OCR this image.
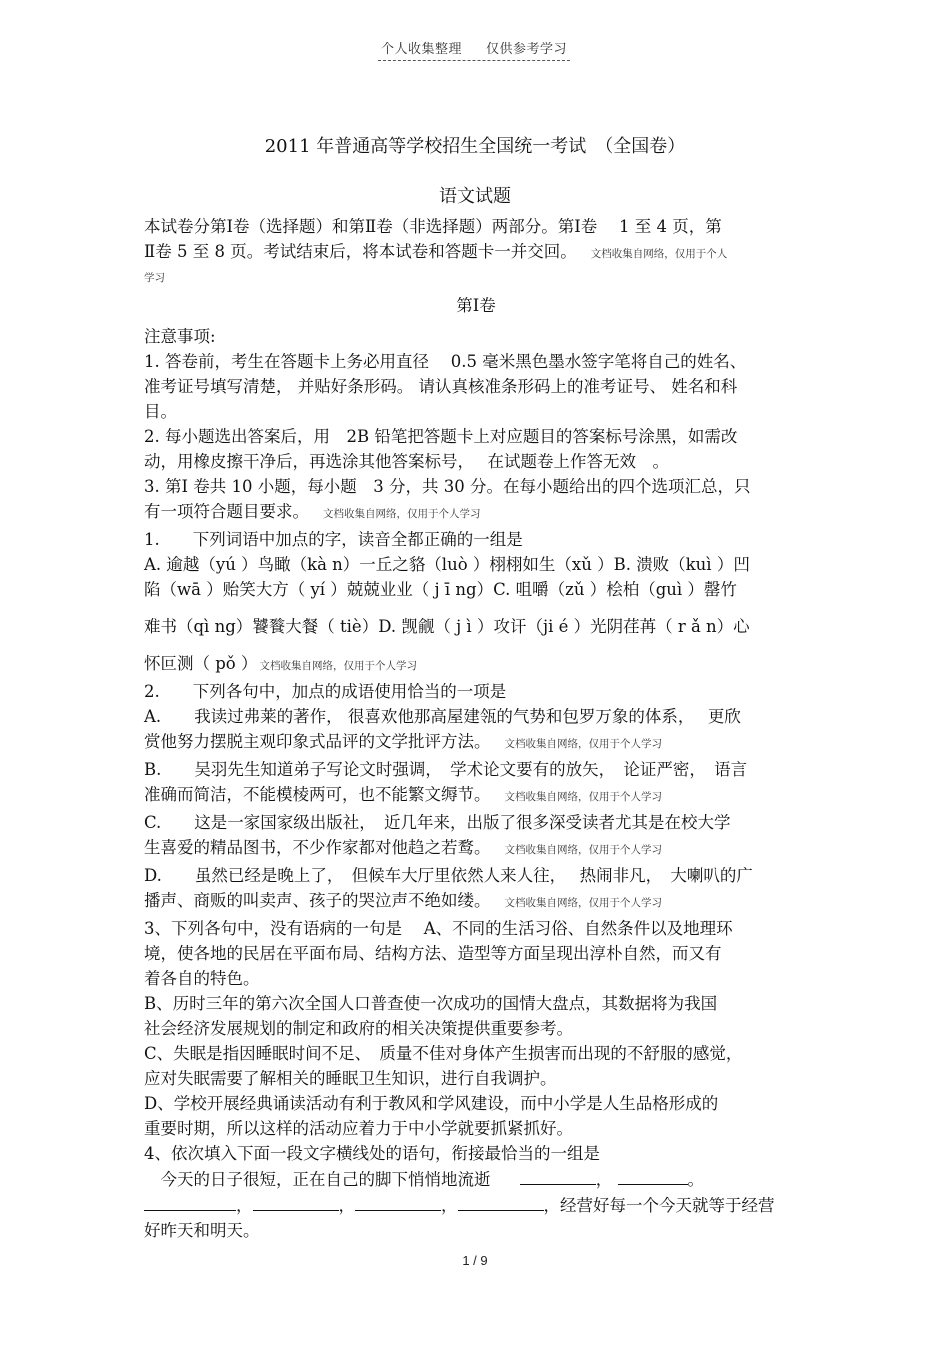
个人收集整理 仅供参考学习
2011 年普通高等学校招生全国统一考试　（全国卷）
语文试题

本试卷分第Ⅰ卷（选择题）和第Ⅱ卷（非选择题）两部分。第Ⅰ卷　 1 至 4 页，第

Ⅱ卷 5 至 8 页。考试结束后，将本试卷和答题卡一并交回。 文档收集自网络，仅用于个人

学习

第Ⅰ卷

注意事项:

1. 答卷前，考生在答题卡上务必用直径　 0.5 毫米黑色墨水签字笔将自己的姓名、

准考证号填写清楚， 并贴好条形码。 请认真核准条形码上的准考证号、 姓名和科

目。

2. 每小题选出答案后，用　2B 铅笔把答题卡上对应题目的答案标号涂黑，如需改

动，用橡皮擦干净后，再选涂其他答案标号，　 在试题卷上作答无效　。

3. 第Ⅰ 卷共 10 小题，每小题　3 分，共 30 分。在每小题给出的四个选项汇总，只

有一项符合题目要求。 文档收集自网络，仅用于个人学习

1.　　下列词语中加点的字，读音全都正确的一组是

A. 逾越（yú ）鸟瞰（kà n）一丘之貉（luò ）栩栩如生（xǔ ）B. 溃败（kuì ）凹

陷（wā ）贻笑大方（ yí ）兢兢业业（ j ī ng）C. 咀嚼（zǔ ）桧柏（guì ）罄竹

难书（qì ng）饕餮大餐（ tiè）D. 觊觎（ j ì ）攻讦（ji é ）光阴荏苒（ r ǎ n）心

怀叵测（ pǒ ） 文档收集自网络，仅用于个人学习

2.　　下列各句中，加点的成语使用恰当的一项是

A.　　我读过弗莱的著作， 很喜欢他那高屋建瓴的气势和包罗万象的体系，　 更欣

赏他努力摆脱主观印象式品评的文学批评方法。 文档收集自网络，仅用于个人学习

B.　　吴羽先生知道弟子写论文时强调，　学术论文要有的放矢，　论证严密，　语言

准确而简洁，不能模棱两可，也不能繁文缛节。 文档收集自网络，仅用于个人学习

C.　　这是一家国家级出版社，　近几年来，出版了很多深受读者尤其是在校大学

生喜爱的精品图书，不少作家都对他趋之若鹜。 文档收集自网络，仅用于个人学习

D.　　虽然已经是晚上了，　但候车大厅里依然人来人往，　 热闹非凡，　大喇叭的广

播声、商贩的叫卖声、孩子的哭泣声不绝如缕。 文档收集自网络，仅用于个人学习

3、下列各句中，没有语病的一句是　 A、不同的生活习俗、自然条件以及地理环

境，使各地的民居在平面布局、结构方法、造型等方面呈现出淳朴自然，而又有

着各自的特色。

B、历时三年的第六次全国人口普查使一次成功的国情大盘点，其数据将为我国

社会经济发展规划的制定和政府的相关决策提供重要参考。

C、失眠是指因睡眠时间不足、　质量不佳对身体产生损害而出现的不舒服的感觉，

应对失眠需要了解相关的睡眠卫生知识，进行自我调护。

D、学校开展经典诵读活动有利于教风和学风建设，而中小学是人生品格形成的

重要时期，所以这样的活动应着力于中小学就要抓紧抓好。

4、依次填入下面一段文字横线处的语句，衔接最恰当的一组是

　今天的日子很短，正在自己的脚下悄悄地流逝	，	。

，	，	，	，经营好每一个今天就等于经营

好昨天和明天。

1 / 9
